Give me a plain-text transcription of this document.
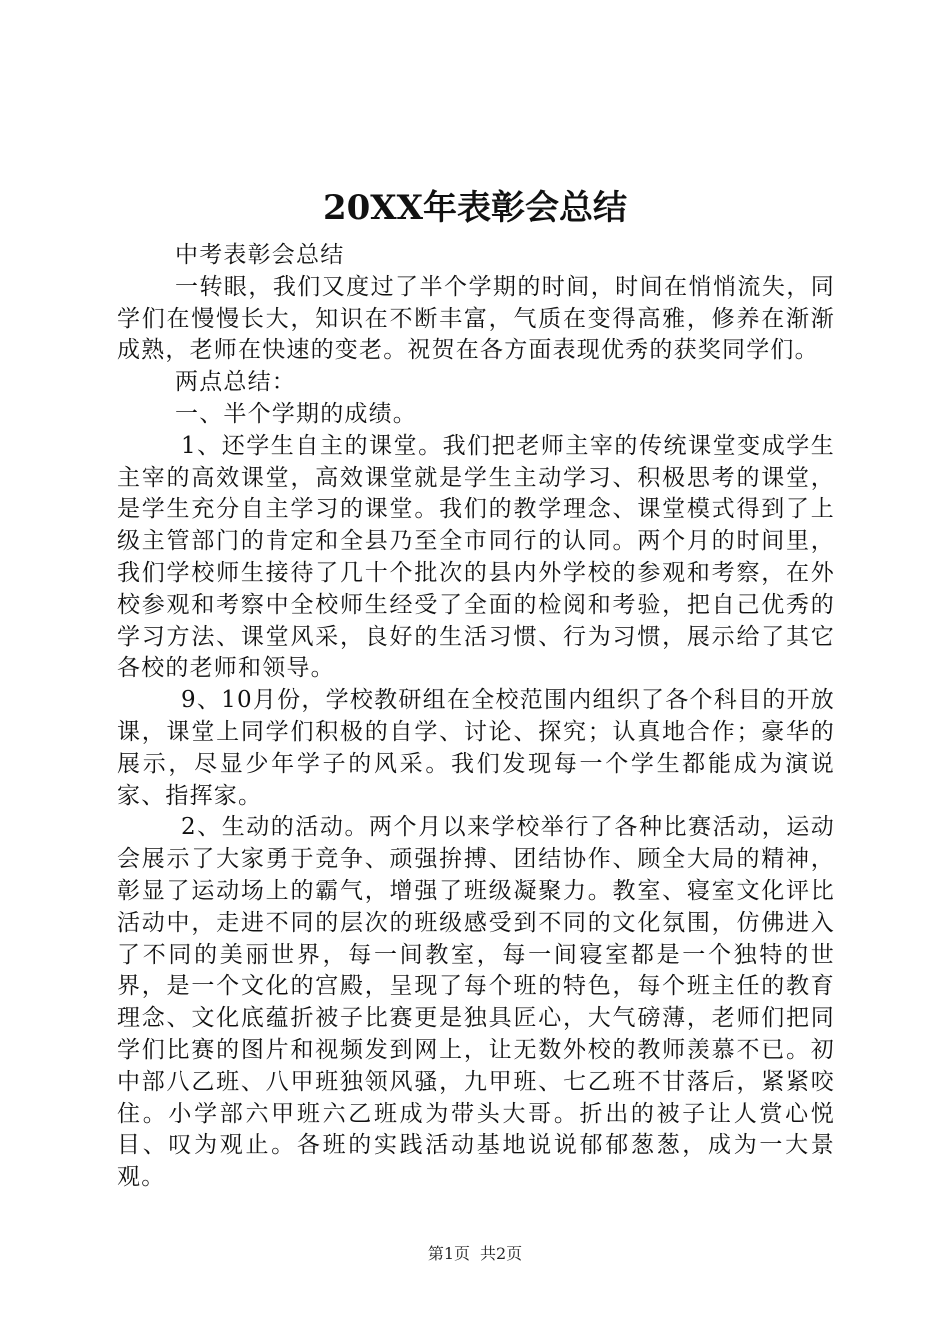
20XX年表彰会总结

中考表彰会总结

一转眼，我们又度过了半个学期的时间，时间在悄悄流失，同学们在慢慢长大，知识在不断丰富，气质在变得高雅，修养在渐渐成熟，老师在快速的变老。祝贺在各方面表现优秀的获奖同学们。

两点总结：

一、半个学期的成绩。

1、还学生自主的课堂。我们把老师主宰的传统课堂变成学生主宰的高效课堂，高效课堂就是学生主动学习、积极思考的课堂，是学生充分自主学习的课堂。我们的教学理念、课堂模式得到了上级主管部门的肯定和全县乃至全市同行的认同。两个月的时间里，我们学校师生接待了几十个批次的县内外学校的参观和考察，在外校参观和考察中全校师生经受了全面的检阅和考验，把自己优秀的学习方法、课堂风采，良好的生活习惯、行为习惯，展示给了其它各校的老师和领导。

9、10月份，学校教研组在全校范围内组织了各个科目的开放课，课堂上同学们积极的自学、讨论、探究；认真地合作；豪华的展示，尽显少年学子的风采。我们发现每一个学生都能成为演说家、指挥家。

2、生动的活动。两个月以来学校举行了各种比赛活动，运动会展示了大家勇于竞争、顽强拚搏、团结协作、顾全大局的精神，彰显了运动场上的霸气，增强了班级凝聚力。教室、寝室文化评比活动中，走进不同的层次的班级感受到不同的文化氛围，仿佛进入了不同的美丽世界，每一间教室，每一间寝室都是一个独特的世界，是一个文化的宫殿，呈现了每个班的特色，每个班主任的教育理念、文化底蕴折被子比赛更是独具匠心，大气磅薄，老师们把同学们比赛的图片和视频发到网上，让无数外校的教师羡慕不已。初中部八乙班、八甲班独领风骚，九甲班、七乙班不甘落后，紧紧咬住。小学部六甲班六乙班成为带头大哥。折出的被子让人赏心悦目、叹为观止。各班的实践活动基地说说郁郁葱葱，成为一大景观。

第1页 共2页
